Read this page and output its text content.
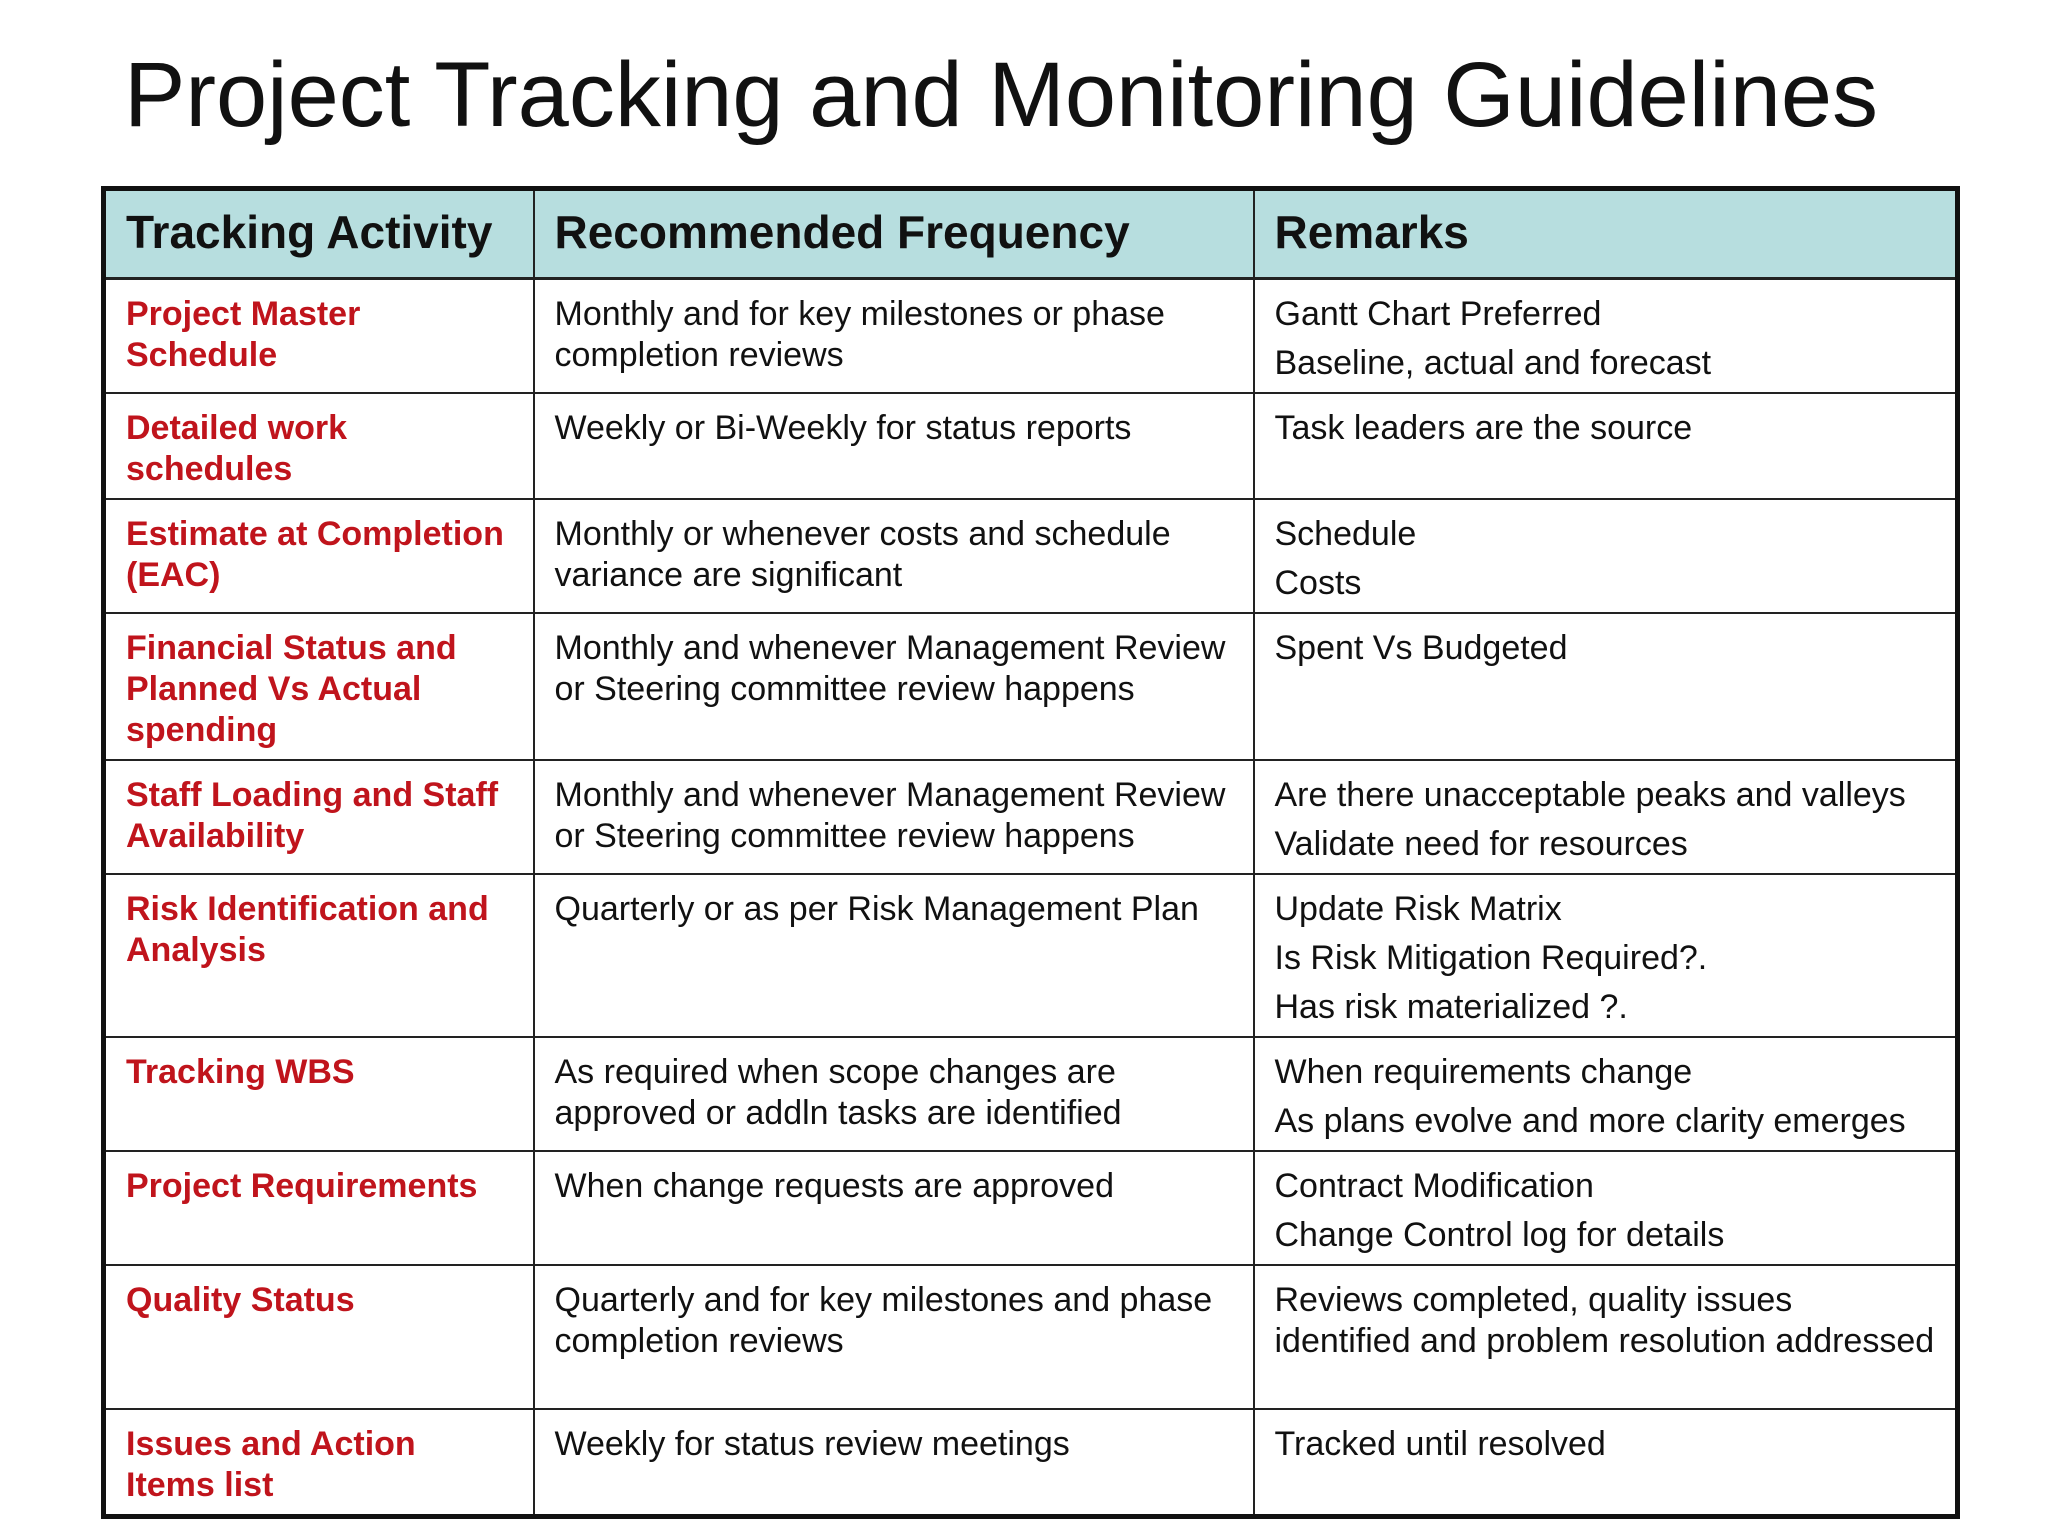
Project Tracking and Monitoring Guidelines
Tracking Activity	Recommended Frequency	Remarks
Project Master Schedule	Monthly and for key milestones or phase completion reviews	Gantt Chart Preferred
Baseline, actual and forecast

Detailed work schedules	Weekly or Bi-Weekly for status reports	Task leaders are the source

Estimate at Completion (EAC)	Monthly or whenever costs and schedule variance are significant	Schedule
Costs

Financial Status and Planned Vs Actual spending	Monthly and whenever Management Review or Steering committee review happens	Spent Vs Budgeted

Staff Loading and Staff Availability	Monthly and whenever Management Review or Steering committee review happens	Are there unacceptable peaks and valleys
Validate need for resources

Risk Identification and Analysis	Quarterly or as per Risk Management Plan	Update Risk Matrix
Is Risk Mitigation Required?.
Has risk materialized ?.

Tracking WBS	As required when scope changes are approved or addln tasks are identified	When requirements change
As plans evolve and more clarity emerges

Project Requirements	When change requests are approved	Contract Modification
Change Control log for details

Quality Status	Quarterly and for key milestones and phase completion reviews	Reviews completed, quality issues identified and problem resolution addressed

Issues and Action Items list	Weekly for status review meetings	Tracked until resolved
